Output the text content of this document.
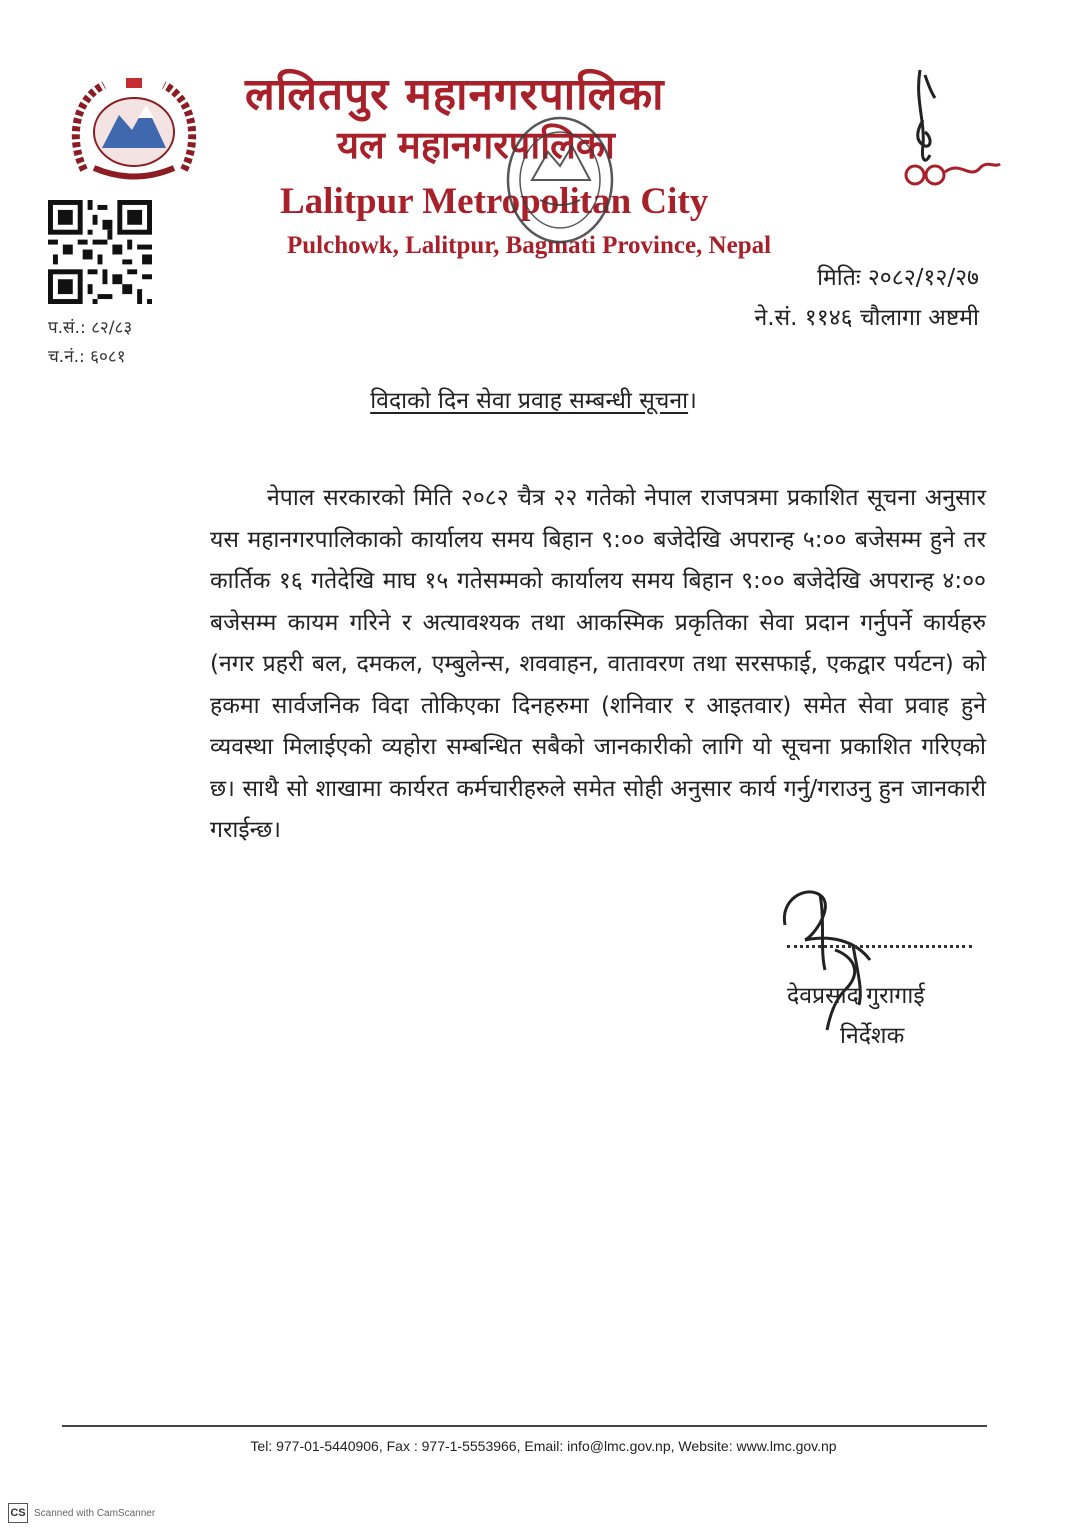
प.सं.: ८२/८३
च.नं.: ६०८१
ललितपुर महानगरपालिका
यल महानगरपालिका
Lalitpur Metropolitan City
Pulchowk, Lalitpur, Bagmati Province, Nepal
मितिः २०८२/१२/२७
ने.सं. ११४६ चौलागा अष्टमी
विदाको दिन सेवा प्रवाह सम्बन्धी सूचना।

नेपाल सरकारको मिति २०८२ चैत्र २२ गतेको नेपाल राजपत्रमा प्रकाशित सूचना अनुसार यस महानगरपालिकाको कार्यालय समय बिहान ९:०० बजेदेखि अपरान्ह ५:०० बजेसम्म हुने तर कार्तिक १६ गतेदेखि माघ १५ गतेसम्मको कार्यालय समय बिहान ९:०० बजेदेखि अपरान्ह ४:०० बजेसम्म कायम गरिने र अत्यावश्यक तथा आकस्मिक प्रकृतिका सेवा प्रदान गर्नुपर्ने कार्यहरु (नगर प्रहरी बल, दमकल, एम्बुलेन्स, शववाहन, वातावरण तथा सरसफाई, एकद्वार पर्यटन) को हकमा सार्वजनिक विदा तोकिएका दिनहरुमा (शनिवार र आइतवार) समेत सेवा प्रवाह हुने व्यवस्था मिलाईएको व्यहोरा सम्बन्धित सबैको जानकारीको लागि यो सूचना प्रकाशित गरिएको छ। साथै सो शाखामा कार्यरत कर्मचारीहरुले समेत सोही अनुसार कार्य गर्नु/गराउनु हुन जानकारी गराईन्छ।

देवप्रसाद गुरागाई
निर्देशक
Tel: 977-01-5440906, Fax : 977-1-5553966, Email: info@lmc.gov.np, Website: www.lmc.gov.np
CS Scanned with CamScanner
